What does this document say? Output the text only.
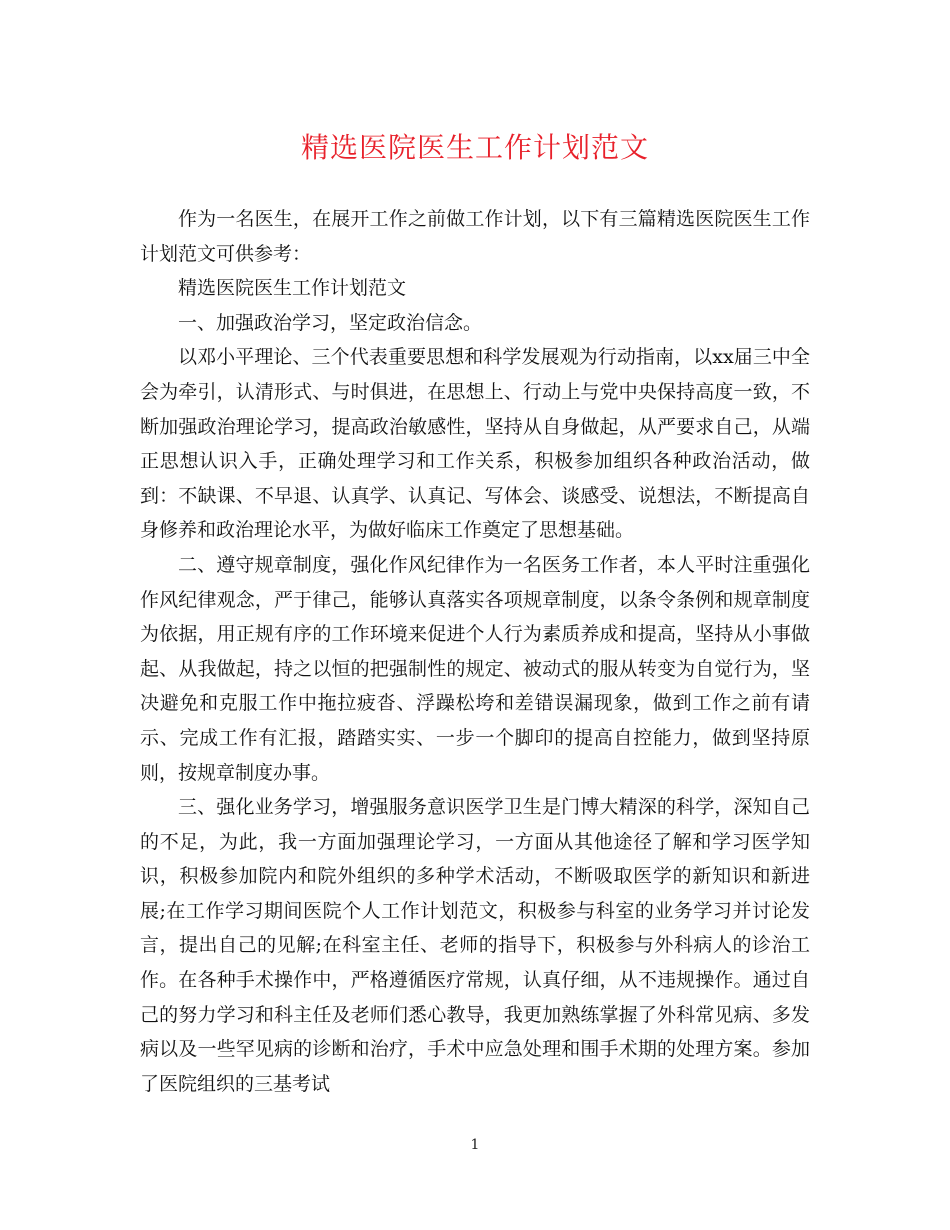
精选医院医生工作计划范文

作为一名医生，在展开工作之前做工作计划，以下有三篇精选医院医生工作计划范文可供参考：

精选医院医生工作计划范文

一、加强政治学习，坚定政治信念。

以邓小平理论、三个代表重要思想和科学发展观为行动指南，以xx届三中全会为牵引，认清形式、与时俱进，在思想上、行动上与党中央保持高度一致，不断加强政治理论学习，提高政治敏感性，坚持从自身做起，从严要求自己，从端正思想认识入手，正确处理学习和工作关系，积极参加组织各种政治活动，做到：不缺课、不早退、认真学、认真记、写体会、谈感受、说想法，不断提高自身修养和政治理论水平，为做好临床工作奠定了思想基础。

二、遵守规章制度，强化作风纪律作为一名医务工作者，本人平时注重强化作风纪律观念，严于律己，能够认真落实各项规章制度，以条令条例和规章制度为依据，用正规有序的工作环境来促进个人行为素质养成和提高，坚持从小事做起、从我做起，持之以恒的把强制性的规定、被动式的服从转变为自觉行为，坚决避免和克服工作中拖拉疲沓、浮躁松垮和差错误漏现象，做到工作之前有请示、完成工作有汇报，踏踏实实、一步一个脚印的提高自控能力，做到坚持原则，按规章制度办事。

三、强化业务学习，增强服务意识医学卫生是门博大精深的科学，深知自己的不足，为此，我一方面加强理论学习，一方面从其他途径了解和学习医学知识，积极参加院内和院外组织的多种学术活动，不断吸取医学的新知识和新进展;在工作学习期间医院个人工作计划范文，积极参与科室的业务学习并讨论发言，提出自己的见解;在科室主任、老师的指导下，积极参与外科病人的诊治工作。在各种手术操作中，严格遵循医疗常规，认真仔细，从不违规操作。通过自己的努力学习和科主任及老师们悉心教导，我更加熟练掌握了外科常见病、多发病以及一些罕见病的诊断和治疗，手术中应急处理和围手术期的处理方案。参加了医院组织的三基考试

1
